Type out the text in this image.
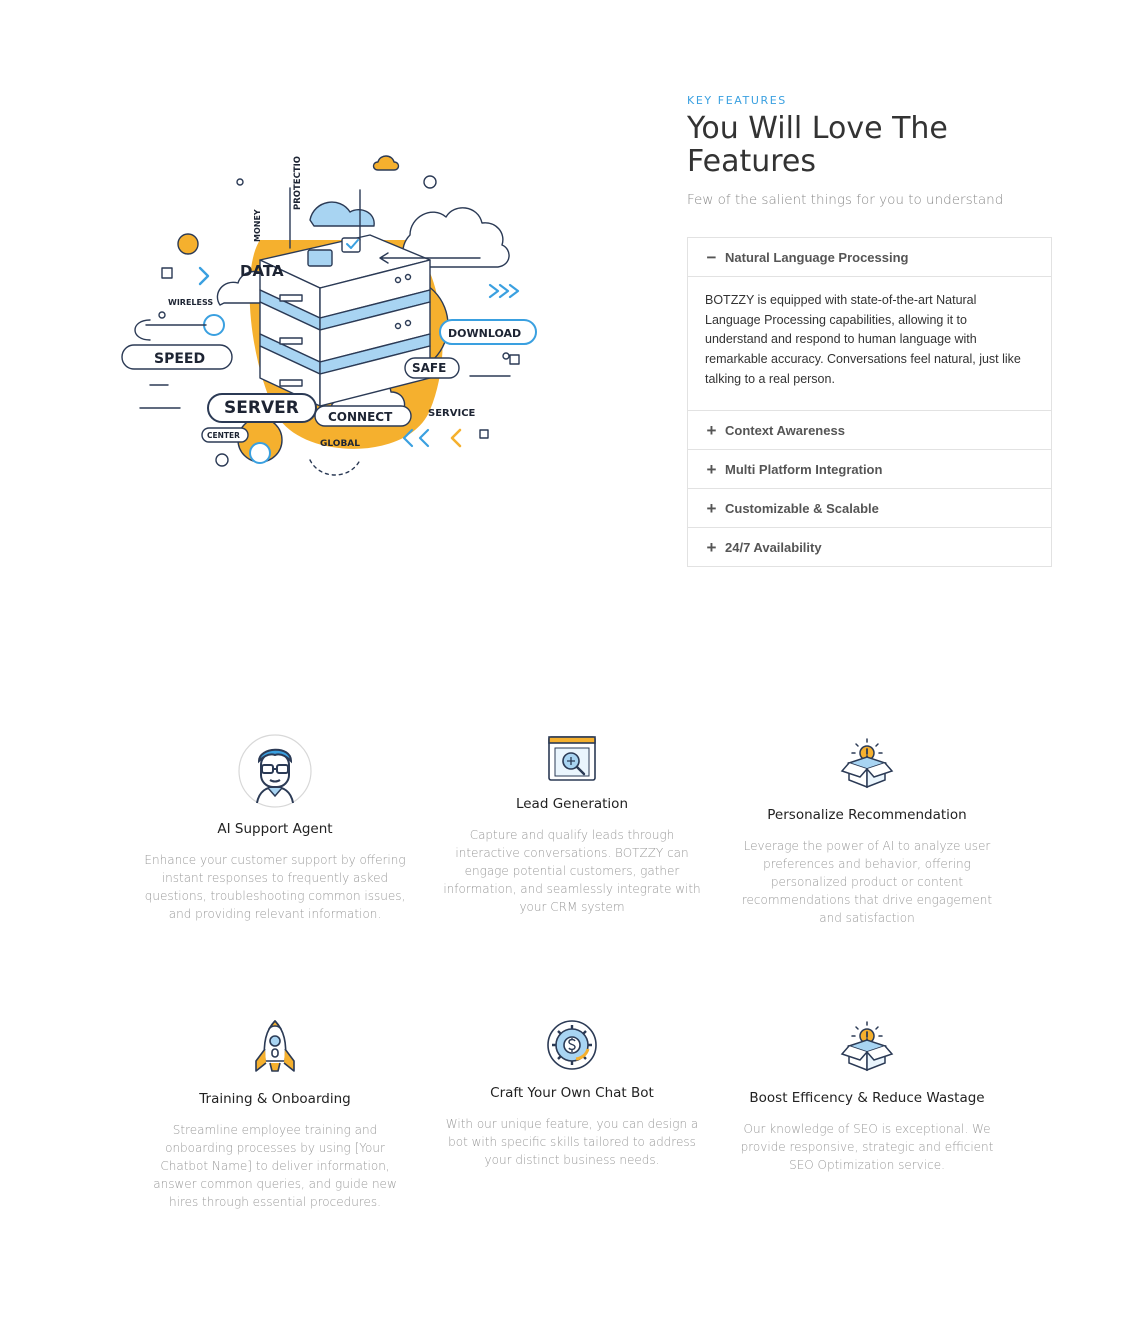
DATA
MONEY
PROTECTIO
WIRELESS
SPEED
DOWNLOAD
SAFE
SERVER CONNECT	SERVICE
CENTER
GLOBAL
KEY FEATURES
You Will Love The Features
Few of the salient things for you to understand
− Natural Language Processing
BOTZZY is equipped with state-of-the-art Natural Language Processing capabilities, allowing it to understand and respond to human language with remarkable accuracy. Conversations feel natural, just like talking to a real person.
+ Context Awareness
+ Multi Platform Integration
+ Customizable & Scalable
+ 24/7 Availability
AI Support Agent
Enhance your customer support by offering instant responses to frequently asked questions, troubleshooting common issues, and providing relevant information.
Lead Generation
Capture and qualify leads through interactive conversations. BOTZZY can engage potential customers, gather information, and seamlessly integrate with your CRM system
Personalize Recommendation
Leverage the power of AI to analyze user preferences and behavior, offering personalized product or content recommendations that drive engagement and satisfaction
Training & Onboarding
Streamline employee training and onboarding processes by using [Your Chatbot Name] to deliver information, answer common queries, and guide new hires through essential procedures.
Craft Your Own Chat Bot
With our unique feature, you can design a bot with specific skills tailored to address your distinct business needs.
Boost Efficency & Reduce Wastage
Our knowledge of SEO is exceptional. We provide responsive, strategic and efficient SEO Optimization service.
